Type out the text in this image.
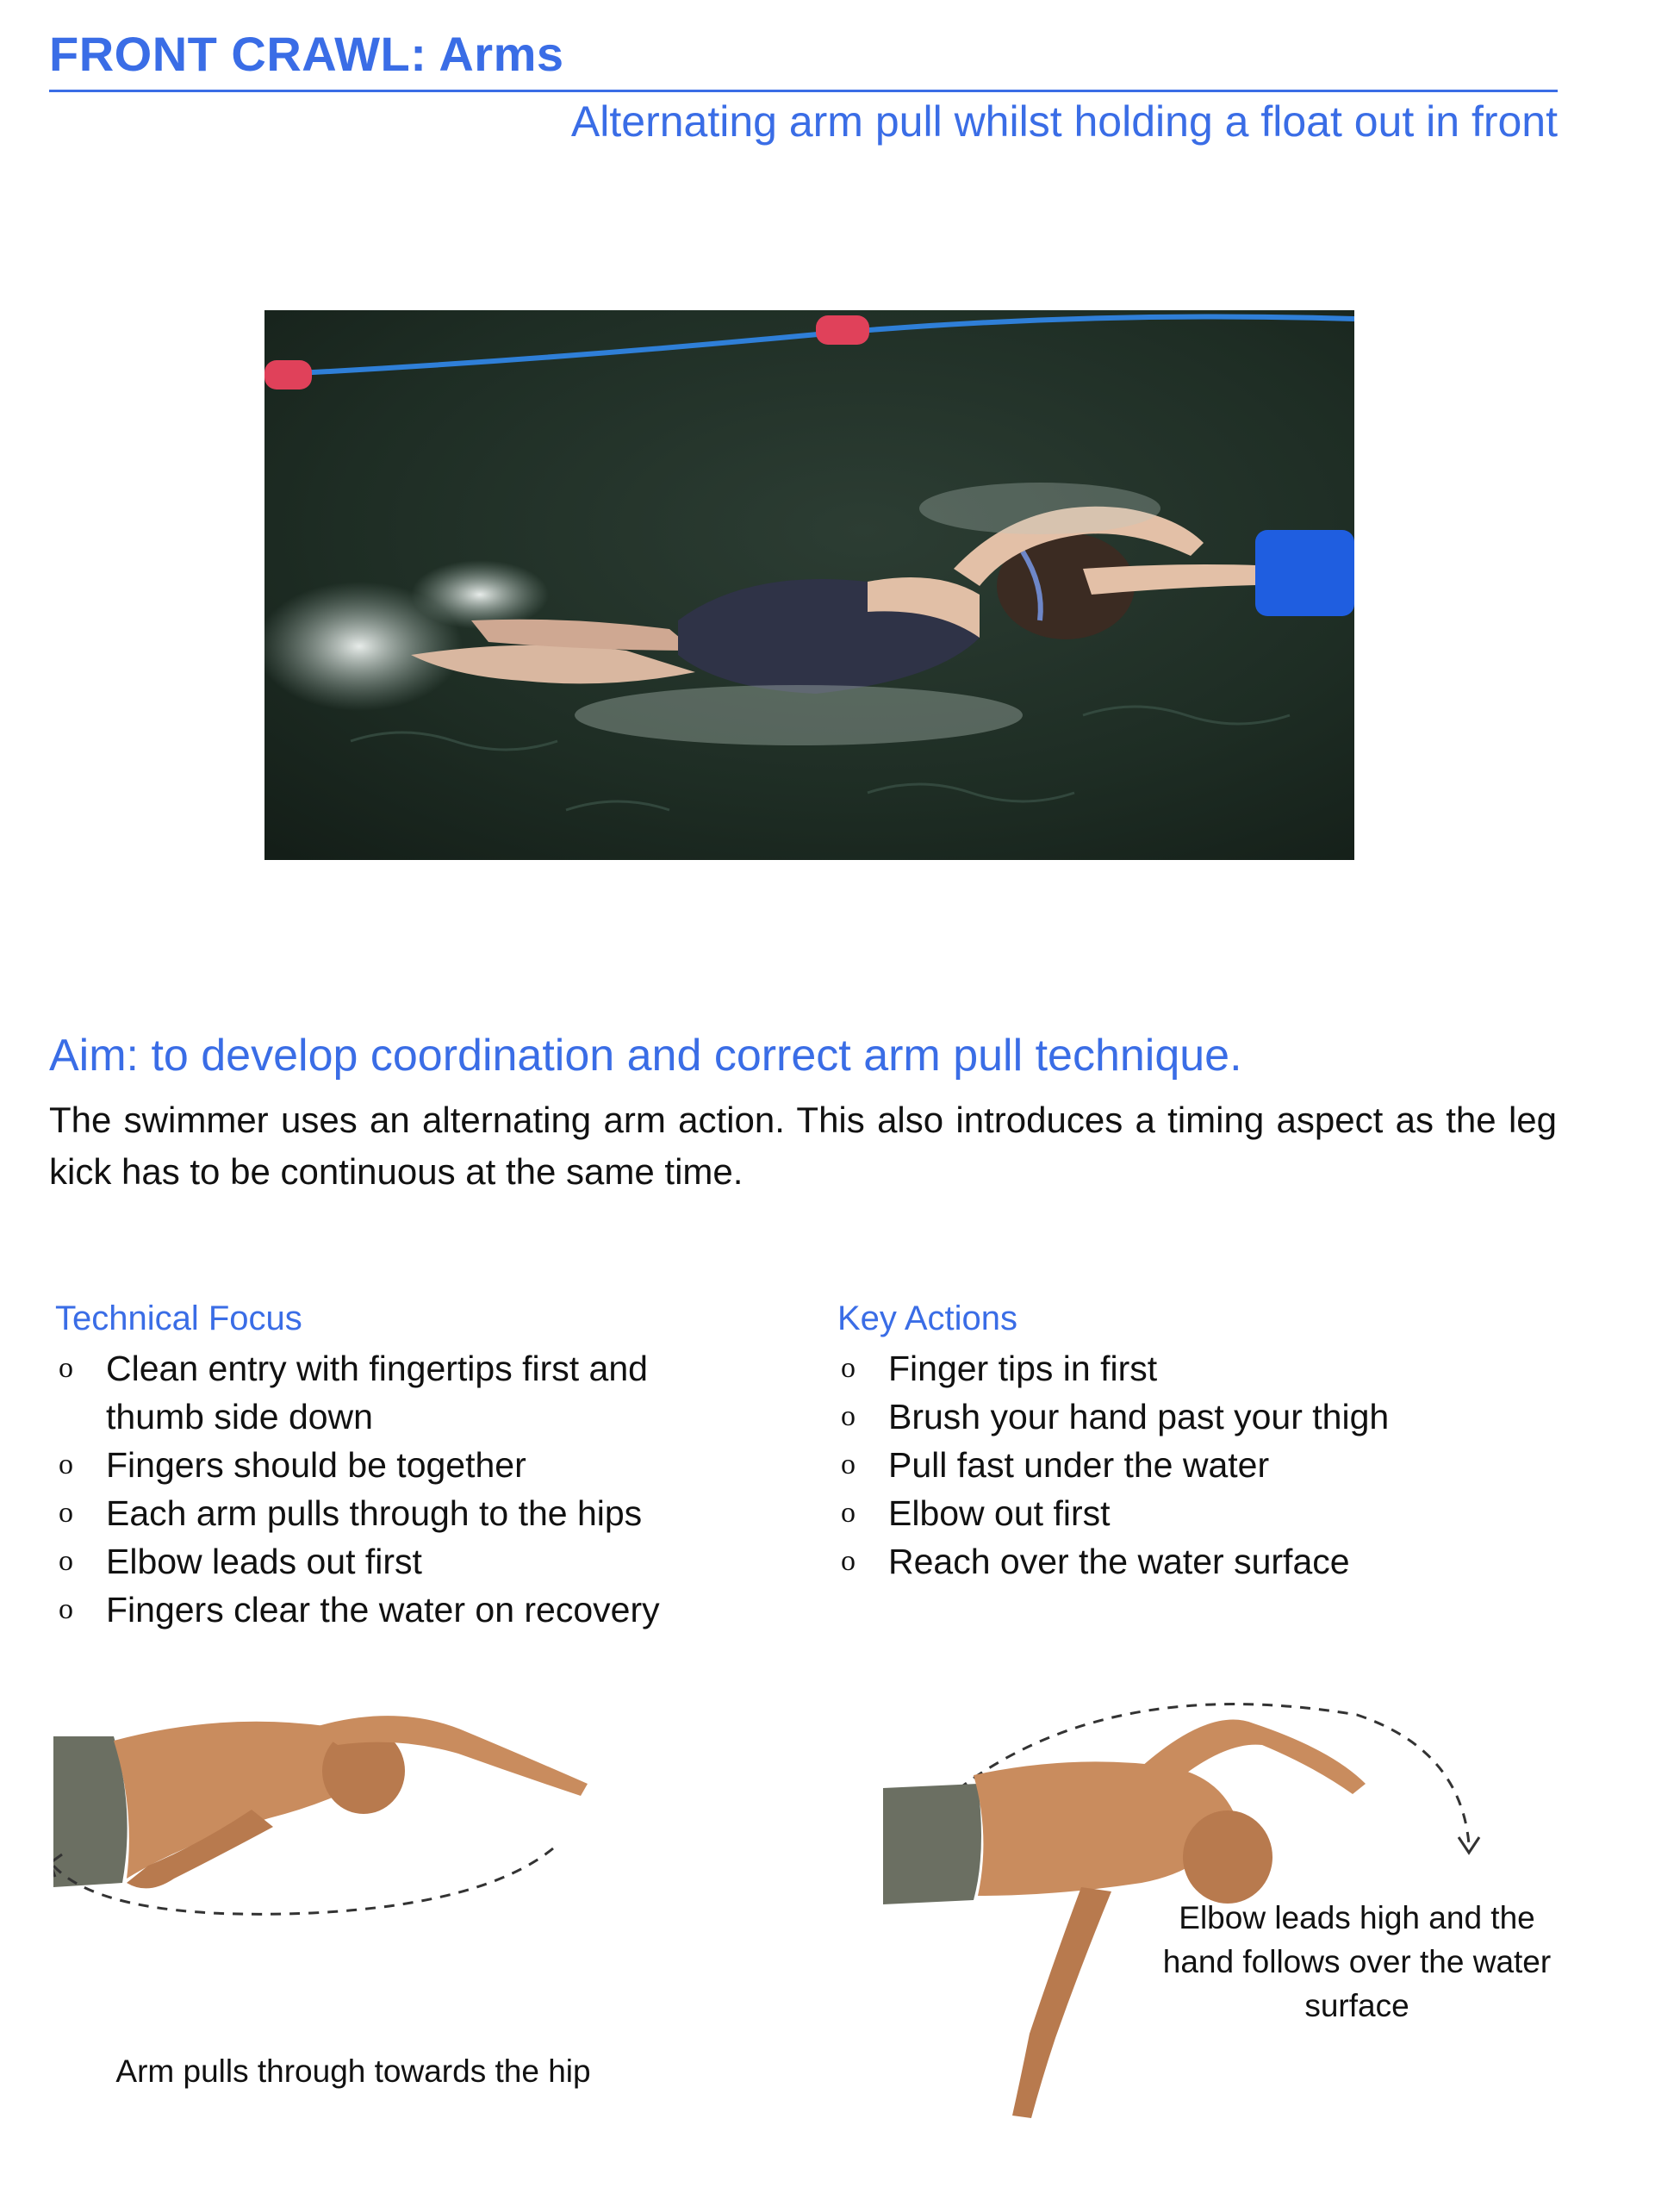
FRONT CRAWL: Arms
Alternating arm pull whilst holding a float out in front
Aim: to develop coordination and correct arm pull technique.
The swimmer uses an alternating arm action. This also introduces a timing aspect as the leg kick has to be continuous at the same time.
Technical Focus
o Clean entry with fingertips first and thumb side down
o Fingers should be together
o Each arm pulls through to the hips
o Elbow leads out first
o Fingers clear the water on recovery
Key Actions
o Finger tips in first
o Brush your hand past your thigh
o Pull fast under the water
o Elbow out first
o Reach over the water surface
Arm pulls through towards the hip
Elbow leads high and the hand follows over the water surface
